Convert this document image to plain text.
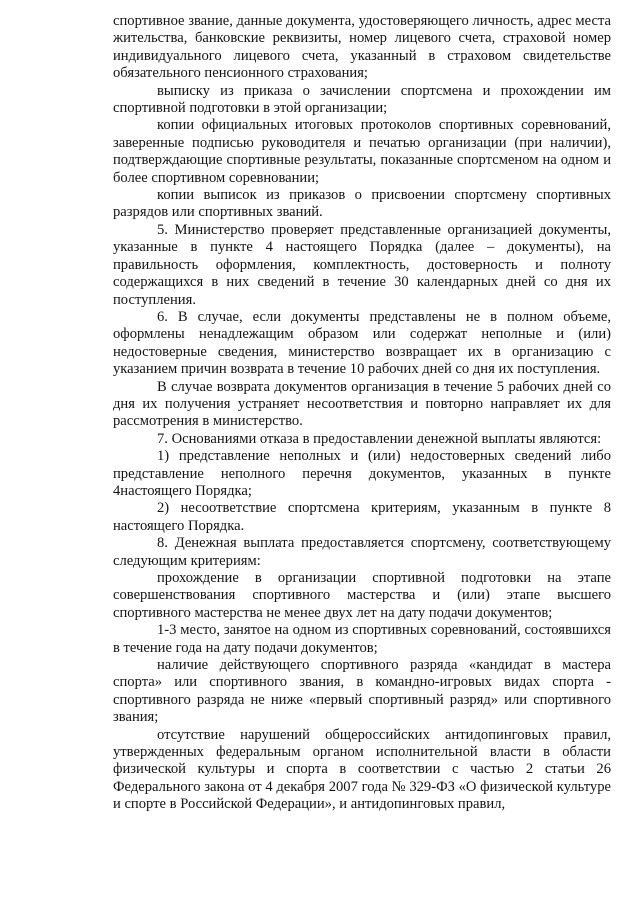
спортивное звание, данные документа, удостоверяющего личность, адрес места жительства, банковские реквизиты, номер лицевого счета, страховой номер индивидуального лицевого счета, указанный в страховом свидетельстве обязательного пенсионного страхования;

выписку из приказа о зачислении спортсмена и прохождении им спортивной подготовки в этой организации;

копии официальных итоговых протоколов спортивных соревнований, заверенные подписью руководителя и печатью организации (при наличии), подтверждающие спортивные результаты, показанные спортсменом на одном и более спортивном соревновании;

копии выписок из приказов о присвоении спортсмену спортивных разрядов или спортивных званий.

5. Министерство проверяет представленные организацией документы, указанные в пункте 4 настоящего Порядка (далее – документы), на правильность оформления, комплектность, достоверность и полноту содержащихся в них сведений в течение 30 календарных дней со дня их поступления.

6. В случае, если документы представлены не в полном объеме, оформлены ненадлежащим образом или содержат неполные и (или) недостоверные сведения, министерство возвращает их в организацию с указанием причин возврата в течение 10 рабочих дней со дня их поступления.

В случае возврата документов организация в течение 5 рабочих дней со дня их получения устраняет несоответствия и повторно направляет их для рассмотрения в министерство.

7. Основаниями отказа в предоставлении денежной выплаты являются:

1) представление неполных и (или) недостоверных сведений либо представление неполного перечня документов, указанных в пункте 4настоящего Порядка;

2) несоответствие спортсмена критериям, указанным в пункте 8 настоящего Порядка.

8. Денежная выплата предоставляется спортсмену, соответствующему следующим критериям:

прохождение в организации спортивной подготовки на этапе совершенствования спортивного мастерства и (или) этапе высшего спортивного мастерства не менее двух лет на дату подачи документов;

1-3 место, занятое на одном из спортивных соревнований, состоявшихся в течение года на дату подачи документов;

наличие действующего спортивного разряда «кандидат в мастера спорта» или спортивного звания, в командно-игровых видах спорта - спортивного разряда не ниже «первый спортивный разряд» или спортивного звания;

отсутствие нарушений общероссийских антидопинговых правил, утвержденных федеральным органом исполнительной власти в области физической культуры и спорта в соответствии с частью 2 статьи 26 Федерального закона от 4 декабря 2007 года № 329-ФЗ «О физической культуре и спорте в Российской Федерации», и антидопинговых правил,
